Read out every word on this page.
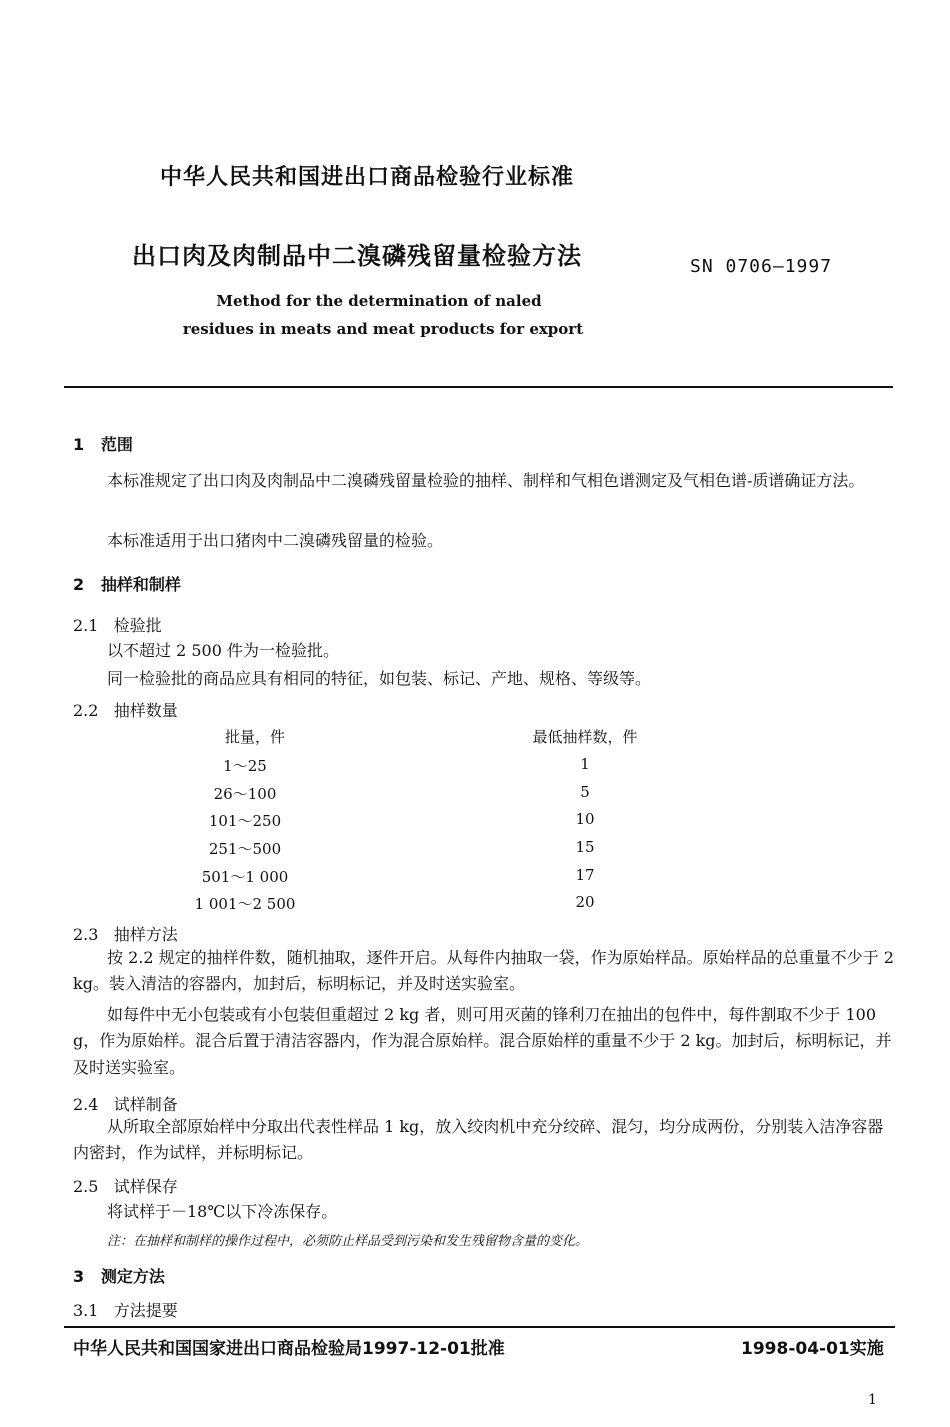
中华人民共和国进出口商品检验行业标准
出口肉及肉制品中二溴磷残留量检验方法	SN 0706—1997
Method for the determination of naled
residues in meats and meat products for export
1 范围
本标准规定了出口肉及肉制品中二溴磷残留量检验的抽样、制样和气相色谱测定及气相色谱-质谱确证方法。
本标准适用于出口猪肉中二溴磷残留量的检验。
2 抽样和制样
2.1 检验批
以不超过 2 500 件为一检验批。
同一检验批的商品应具有相同的特征，如包装、标记、产地、规格、等级等。
2.2 抽样数量
批量，件	最低抽样数，件
1～25	1
26～100	5
101～250	10
251～500	15
501～1 000	17
1 001～2 500	20
2.3 抽样方法
按 2.2 规定的抽样件数，随机抽取，逐件开启。从每件内抽取一袋，作为原始样品。原始样品的总重量不少于 2 kg。装入清洁的容器内，加封后，标明标记，并及时送实验室。
如每件中无小包装或有小包装但重超过 2 kg 者，则可用灭菌的锋利刀在抽出的包件中，每件割取不少于 100 g，作为原始样。混合后置于清洁容器内，作为混合原始样。混合原始样的重量不少于 2 kg。加封后，标明标记，并及时送实验室。
2.4 试样制备
从所取全部原始样中分取出代表性样品 1 kg，放入绞肉机中充分绞碎、混匀，均分成两份，分别装入洁净容器内密封，作为试样，并标明标记。
2.5 试样保存
将试样于－18℃以下冷冻保存。
注：在抽样和制样的操作过程中，必须防止样品受到污染和发生残留物含量的变化。
3 测定方法
3.1 方法提要
中华人民共和国国家进出口商品检验局1997-12-01批准	1998-04-01实施
1
